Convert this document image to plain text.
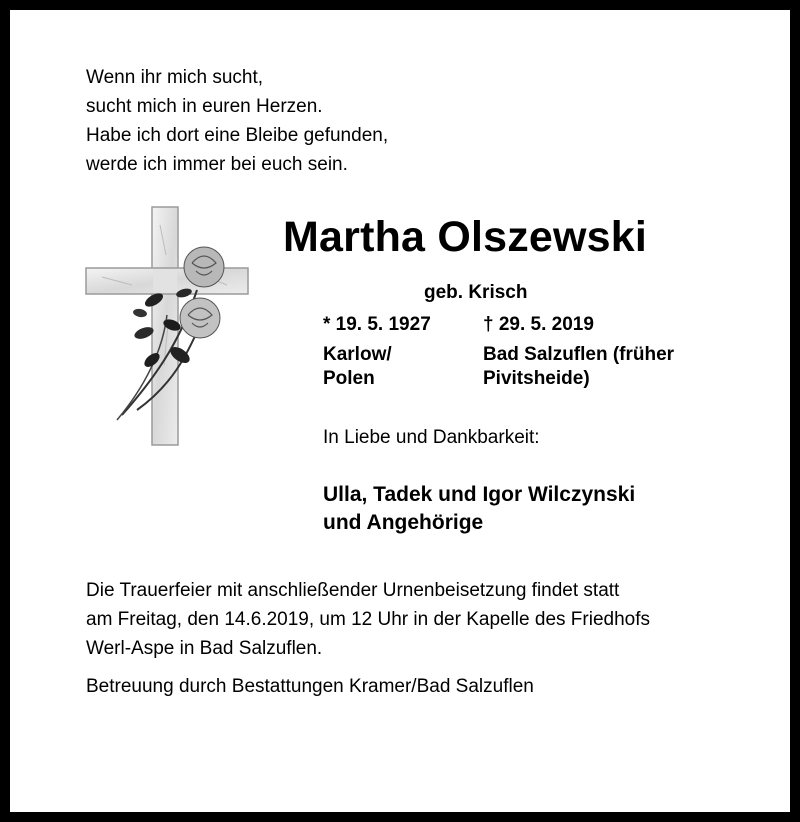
Wenn ihr mich sucht,
sucht mich in euren Herzen.
Habe ich dort eine Bleibe gefunden,
werde ich immer bei euch sein.
Martha Olszewski
geb. Krisch
* 19. 5. 1927
Karlow/
Polen
† 29. 5. 2019
Bad Salzuflen (früher
Pivitsheide)
In Liebe und Dankbarkeit:
Ulla, Tadek und Igor Wilczynski
und Angehörige
Die Trauerfeier mit anschließender Urnenbeisetzung findet statt
am Freitag, den 14.6.2019, um 12 Uhr in der Kapelle des Friedhofs
Werl-Aspe in Bad Salzuflen.
Betreuung durch Bestattungen Kramer/Bad Salzuflen
